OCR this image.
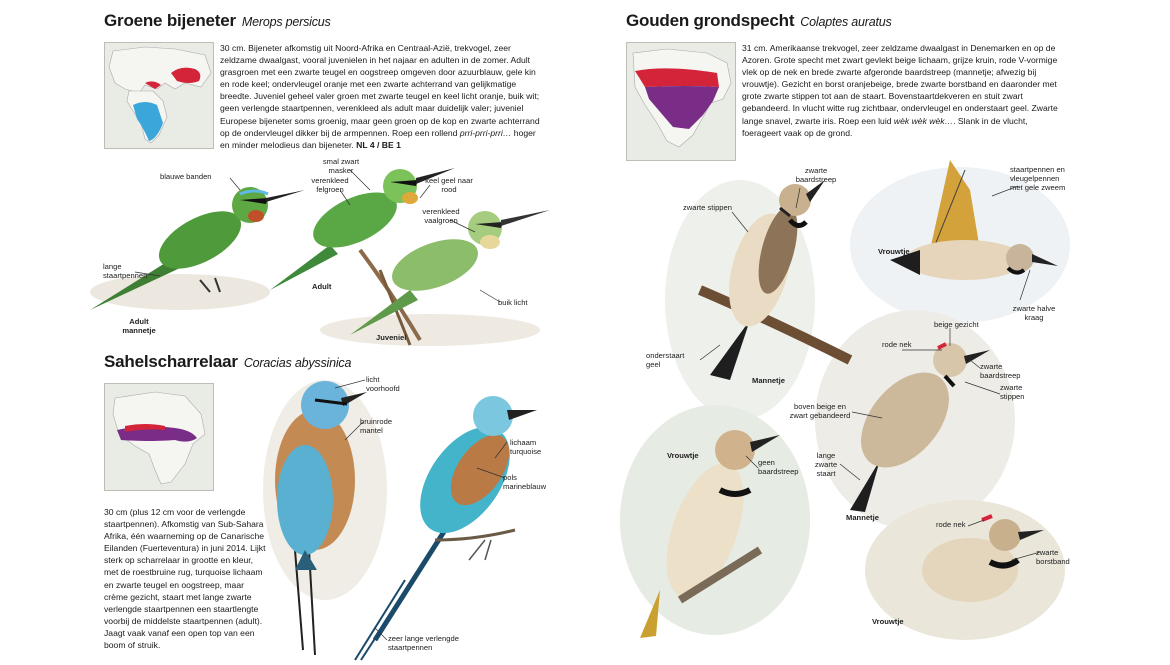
Groene bijeneter Merops persicus
30 cm. Bijeneter afkomstig uit Noord-Afrika en Centraal-Azië, trekvogel, zeer zeldzame dwaalgast, vooral juvenielen in het najaar en adulten in de zomer. Adult grasgroen met een zwarte teugel en oogstreep omgeven door azuurblauw, gele kin en rode keel; ondervleugel oranje met een zwarte achterrand van gelijkmatige breedte. Juveniel geheel valer groen met zwarte teugel en keel licht oranje, buik wit; geen verlengde staartpennen, verenkleed als adult maar duidelijk valer; juveniel Europese bijeneter soms groenig, maar geen groen op de kop en zwarte achterrand op de ondervleugel dikker bij de armpennen. Roep een rollend prri-prri-prri… hoger en minder melodieus dan bijeneter. NL 4 / BE 1
blauwe banden
smal zwart masker
verenkleed felgroen
keel geel naar rood
verenkleed vaalgroen
lange staartpennen
Adult
Adult mannetje
buik licht
Juveniel
Sahelscharrelaar Coracias abyssinica
30 cm (plus 12 cm voor de verlengde staartpennen). Afkomstig van Sub-Sahara Afrika, één waarneming op de Canarische Eilanden (Fuerteventura) in juni 2014. Lijkt sterk op scharrelaar in grootte en kleur, met de roestbruine rug, turquoise lichaam en zwarte teugel en oogstreep, maar crème gezicht, staart met lange zwarte verlengde staartpennen een staartlengte voorbij de middelste staartpennen (adult). Jaagt vaak vanaf een open top van een boom of struik.
licht voorhoofd
bruinrode mantel
lichaam turquoise
pols marineblauw
zeer lange verlengde staartpennen
Gouden grondspecht Colaptes auratus
31 cm. Amerikaanse trekvogel, zeer zeldzame dwaalgast in Denemarken en op de Azoren. Grote specht met zwart gevlekt beige lichaam, grijze kruin, rode V-vormige vlek op de nek en brede zwarte afgeronde baardstreep (mannetje; afwezig bij vrouwtje). Gezicht en borst oranjebeige, brede zwarte borstband en daaronder met grote zwarte stippen tot aan de staart. Bovenstaartdekveren en stuit zwart gebandeerd. In vlucht witte rug zichtbaar, ondervleugel en onderstaart geel. Zwarte lange snavel, zwarte iris. Roep een luid wèk wèk wèk…. Slank in de vlucht, foerageert vaak op de grond.
zwarte baardstreep
zwarte stippen
Vrouwtje
staartpennen en vleugelpennen met gele zweem
zwarte halve kraag
onderstaart geel
Mannetje
beige gezicht
rode nek
zwarte baardstreep
zwarte stippen
boven beige en zwart gebandeerd
lange zwarte staart
Mannetje
Vrouwtje
geen baardstreep
rode nek
zwarte borstband
Vrouwtje
